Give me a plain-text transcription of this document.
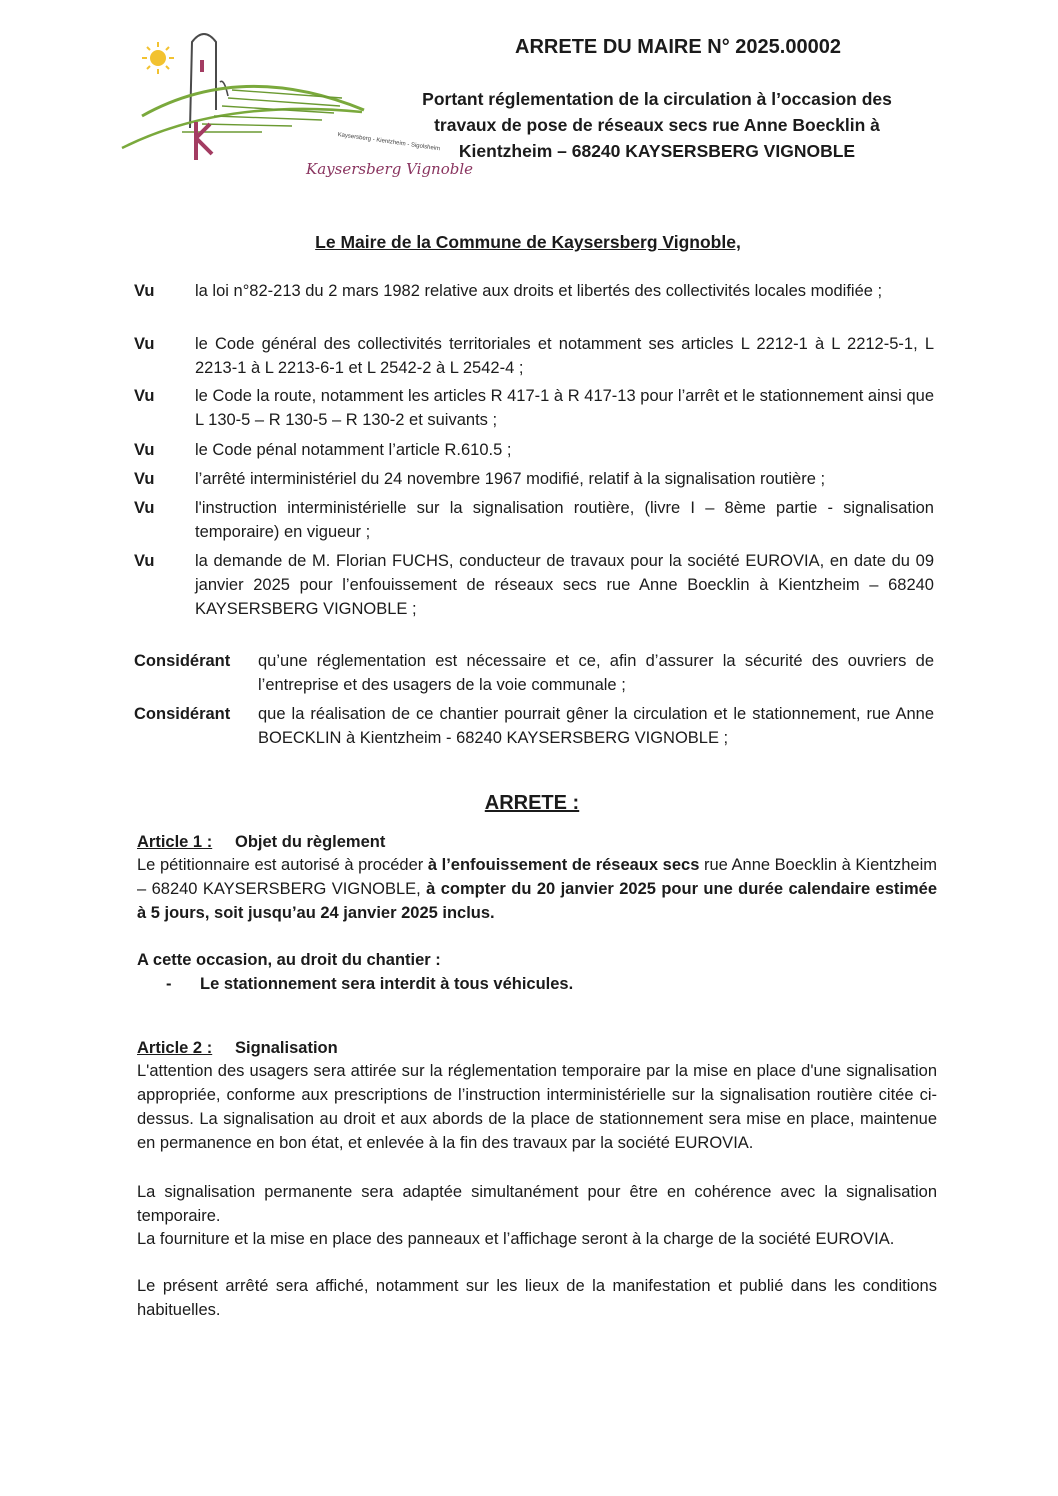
Kaysersberg - Kientzheim - Sigolsheim
Kaysersberg Vignoble
ARRETE DU MAIRE N° 2025.00002
Portant réglementation de la circulation à l’occasion des
travaux de pose de réseaux secs rue Anne Boecklin à
Kientzheim – 68240 KAYSERSBERG VIGNOBLE
Le Maire de la Commune de Kaysersberg Vignoble,
Vu la loi n°82-213 du 2 mars 1982 relative aux droits et libertés des collectivités locales modifiée ;
Vu le Code général des collectivités territoriales et notamment ses articles L 2212-1 à L 2212-5-1, L 2213-1 à L 2213-6-1 et L 2542-2 à L 2542-4 ;
Vu le Code la route, notamment les articles R 417-1 à R 417-13 pour l’arrêt et le stationnement ainsi que L 130-5 – R 130-5 – R 130-2 et suivants ;
Vu le Code pénal notamment l’article R.610.5 ;
Vu l’arrêté interministériel du 24 novembre 1967 modifié, relatif à la signalisation routière ;
Vu l'instruction interministérielle sur la signalisation routière, (livre I – 8ème partie - signalisation temporaire) en vigueur ;
Vu la demande de M. Florian FUCHS, conducteur de travaux pour la société EUROVIA, en date du 09 janvier 2025 pour l’enfouissement de réseaux secs rue Anne Boecklin à Kientzheim – 68240 KAYSERSBERG VIGNOBLE ;
Considérant qu’une réglementation est nécessaire et ce, afin d’assurer la sécurité des ouvriers de l’entreprise et des usagers de la voie communale ;
Considérant que la réalisation de ce chantier pourrait gêner la circulation et le stationnement, rue Anne BOECKLIN à Kientzheim - 68240 KAYSERSBERG VIGNOBLE ;
ARRETE :
Article 1 : Objet du règlement

Le pétitionnaire est autorisé à procéder à l’enfouissement de réseaux secs rue Anne Boecklin à Kientzheim – 68240 KAYSERSBERG VIGNOBLE, à compter du 20 janvier 2025 pour une durée calendaire estimée à 5 jours, soit jusqu’au 24 janvier 2025 inclus.

A cette occasion, au droit du chantier :
- Le stationnement sera interdit à tous véhicules.
Article 2 : Signalisation

L'attention des usagers sera attirée sur la réglementation temporaire par la mise en place d'une signalisation appropriée, conforme aux prescriptions de l’instruction interministérielle sur la signalisation routière citée ci-dessus. La signalisation au droit et aux abords de la place de stationnement sera mise en place, maintenue en permanence en bon état, et enlevée à la fin des travaux par la société EUROVIA.

La signalisation permanente sera adaptée simultanément pour être en cohérence avec la signalisation temporaire.

La fourniture et la mise en place des panneaux et l’affichage seront à la charge de la société EUROVIA.

Le présent arrêté sera affiché, notamment sur les lieux de la manifestation et publié dans les conditions habituelles.
